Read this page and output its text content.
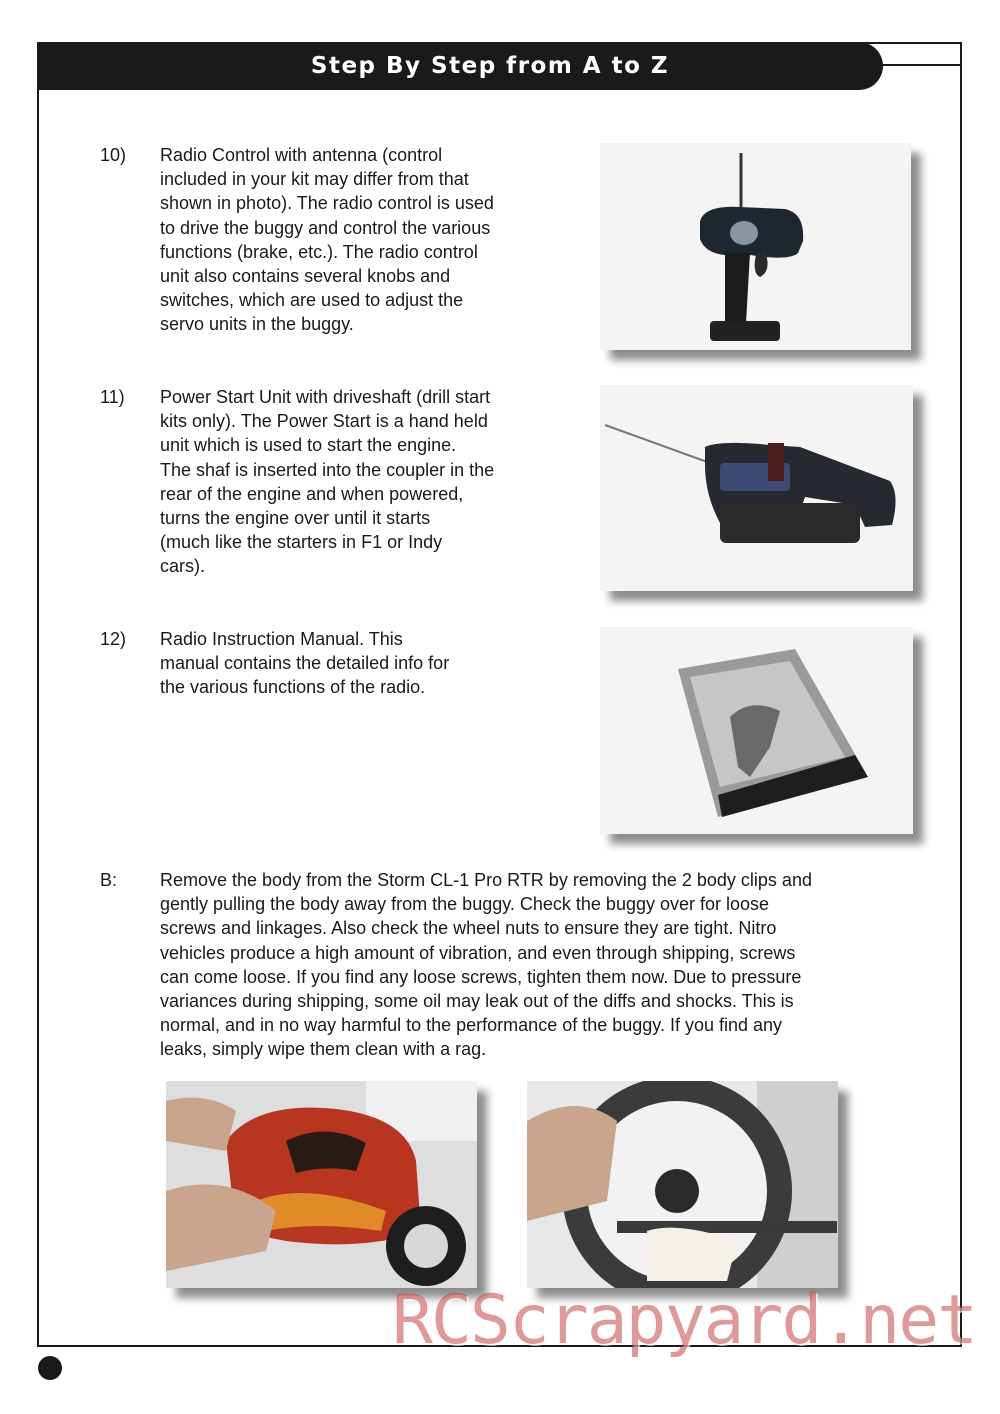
Step By Step from A to Z
10) Radio Control with antenna (control
included in your kit may differ from that
shown in photo). The radio control is used
to drive the buggy and control the various
functions (brake, etc.). The radio control
unit also contains several knobs and
switches, which are used to adjust the
servo units in the buggy.
11) Power Start Unit with driveshaft (drill start
kits only). The Power Start is a hand held
unit which is used to start the engine.
The shaf is inserted into the coupler in the
rear of the engine and when powered,
turns the engine over until it starts
(much like the starters in F1 or Indy
cars).
12) Radio Instruction Manual. This
manual contains the detailed info for
the various functions of the radio.
B: Remove the body from the Storm CL-1 Pro RTR by removing the 2 body clips and
gently pulling the body away from the buggy. Check the buggy over for loose
screws and linkages. Also check the wheel nuts to ensure they are tight. Nitro
vehicles produce a high amount of vibration, and even through shipping, screws
can come loose. If you find any loose screws, tighten them now. Due to pressure
variances during shipping, some oil may leak out of the diffs and shocks. This is
normal, and in no way harmful to the performance of the buggy. If you find any
leaks, simply wipe them clean with a rag.
RCScrapyard.net
